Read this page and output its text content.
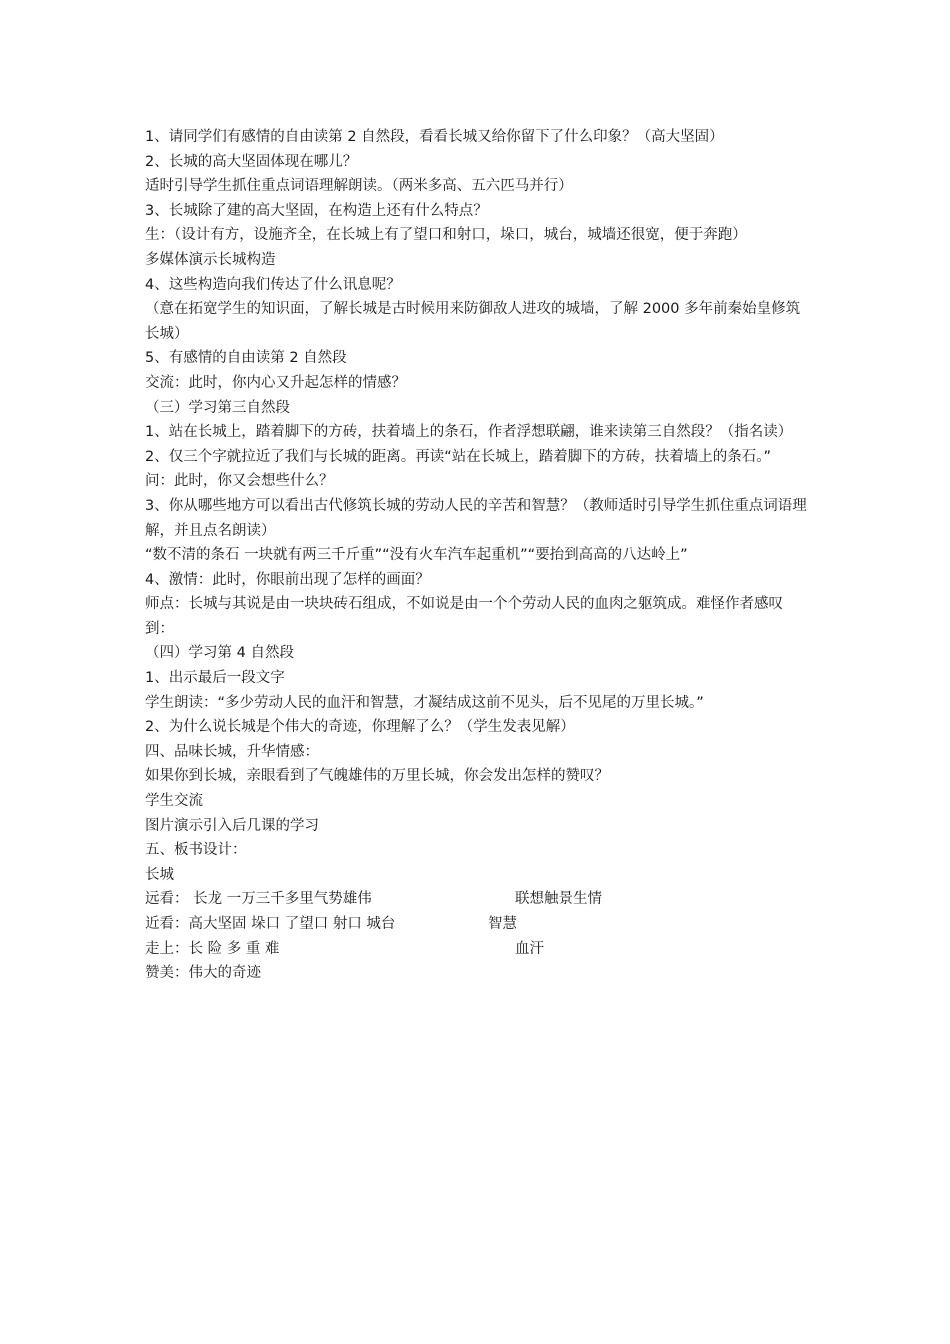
1、请同学们有感情的自由读第 2 自然段，看看长城又给你留下了什么印象？（高大坚固）

2、长城的高大坚固体现在哪儿？

适时引导学生抓住重点词语理解朗读。（两米多高、五六匹马并行）

3、长城除了建的高大坚固，在构造上还有什么特点？

生：（设计有方，设施齐全，在长城上有了望口和射口，垛口，城台，城墙还很宽，便于奔跑）

多媒体演示长城构造

4、这些构造向我们传达了什么讯息呢？

（意在拓宽学生的知识面，了解长城是古时候用来防御敌人进攻的城墙，了解 2000 多年前秦始皇修筑长城）

5、有感情的自由读第 2 自然段

交流：此时，你内心又升起怎样的情感？

（三）学习第三自然段

1、站在长城上，踏着脚下的方砖，扶着墙上的条石，作者浮想联翩，谁来读第三自然段？（指名读）

2、仅三个字就拉近了我们与长城的距离。再读“站在长城上，踏着脚下的方砖，扶着墙上的条石。”

问：此时，你又会想些什么？

3、你从哪些地方可以看出古代修筑长城的劳动人民的辛苦和智慧？（教师适时引导学生抓住重点词语理解，并且点名朗读）

“数不清的条石 一块就有两三千斤重”“没有火车汽车起重机”“要抬到高高的八达岭上”

4、激情：此时，你眼前出现了怎样的画面？

师点：长城与其说是由一块块砖石组成，不如说是由一个个劳动人民的血肉之躯筑成。难怪作者感叹到：

（四）学习第 4 自然段

1、出示最后一段文字

学生朗读：“多少劳动人民的血汗和智慧，才凝结成这前不见头，后不见尾的万里长城。”

2、为什么说长城是个伟大的奇迹，你理解了么？（学生发表见解）

四、品味长城，升华情感：

如果你到长城，亲眼看到了气魄雄伟的万里长城，你会发出怎样的赞叹？

学生交流

图片演示引入后几课的学习

五、板书设计：

长城

远看： 长龙 一万三千多里气势雄伟	联想触景生情
近看：高大坚固 垛口 了望口 射口 城台	智慧
走上：长 险 多 重 难	血汗
赞美：伟大的奇迹
